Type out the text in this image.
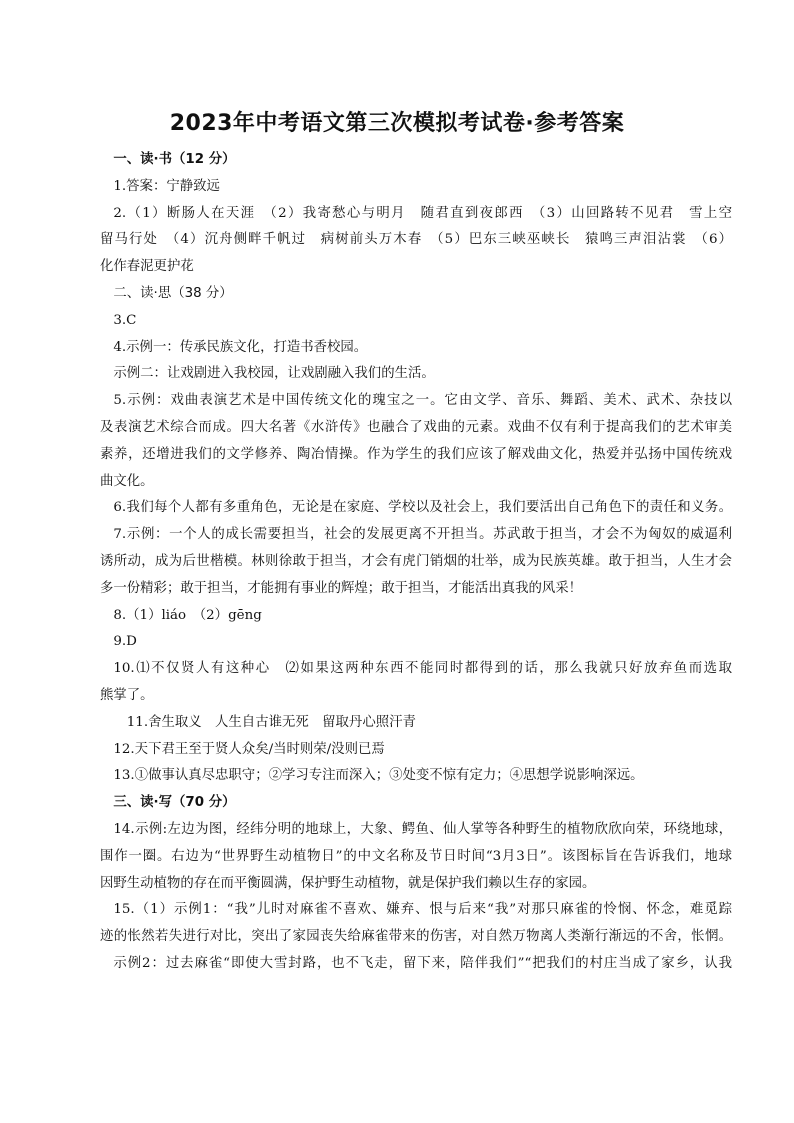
2023年中考语文第三次模拟考试卷·参考答案
一、读·书（12 分）
1.答案：宁静致远
2.（1）断肠人在天涯　（2）我寄愁心与明月　随君直到夜郎西　（3）山回路转不见君　雪上空
留马行处　（4）沉舟侧畔千帆过　病树前头万木春　（5）巴东三峡巫峡长　猿鸣三声泪沾裳　（6）
化作春泥更护花
二、读·思（38 分）
3.C
4.示例一：传承民族文化，打造书香校园。
示例二：让戏剧进入我校园，让戏剧融入我们的生活。
5.示例：戏曲表演艺术是中国传统文化的瑰宝之一。它由文学、音乐、舞蹈、美术、武术、杂技以
及表演艺术综合而成。四大名著《水浒传》也融合了戏曲的元素。戏曲不仅有利于提高我们的艺术审美
素养，还增进我们的文学修养、陶冶情操。作为学生的我们应该了解戏曲文化，热爱并弘扬中国传统戏
曲文化。
6.我们每个人都有多重角色，无论是在家庭、学校以及社会上，我们要活出自己角色下的责任和义务。
7.示例：一个人的成长需要担当，社会的发展更离不开担当。苏武敢于担当，才会不为匈奴的威逼利
诱所动，成为后世楷模。林则徐敢于担当，才会有虎门销烟的壮举，成为民族英雄。敢于担当，人生才会
多一份精彩；敢于担当，才能拥有事业的辉煌；敢于担当，才能活出真我的风采！
8.（1）liáo　（2）gēng
9.D
10.⑴不仅贤人有这种心　⑵如果这两种东西不能同时都得到的话，那么我就只好放弃鱼而选取
熊掌了。
　11.舍生取义　人生自古谁无死　留取丹心照汗青
12.天下君王至于贤人众矣/当时则荣/没则已焉
13.①做事认真尽忠职守；②学习专注而深入；③处变不惊有定力；④思想学说影响深远。
三、读·写（70 分）
14.示例:左边为图，经纬分明的地球上，大象、鳄鱼、仙人掌等各种野生的植物欣欣向荣，环绕地球，
围作一圈。右边为“世界野生动植物日”的中文名称及节日时间“3月3日”。该图标旨在告诉我们，地球
因野生动植物的存在而平衡圆满，保护野生动植物，就是保护我们赖以生存的家园。
15.（1）示例1：“我”儿时对麻雀不喜欢、嫌弃、恨与后来“我”对那只麻雀的怜悯、怀念，难觅踪
迹的怅然若失进行对比，突出了家园丧失给麻雀带来的伤害，对自然万物离人类渐行渐远的不舍，怅惘。
示例2：过去麻雀“即使大雪封路，也不飞走，留下来，陪伴我们”“把我们的村庄当成了家乡，认我
